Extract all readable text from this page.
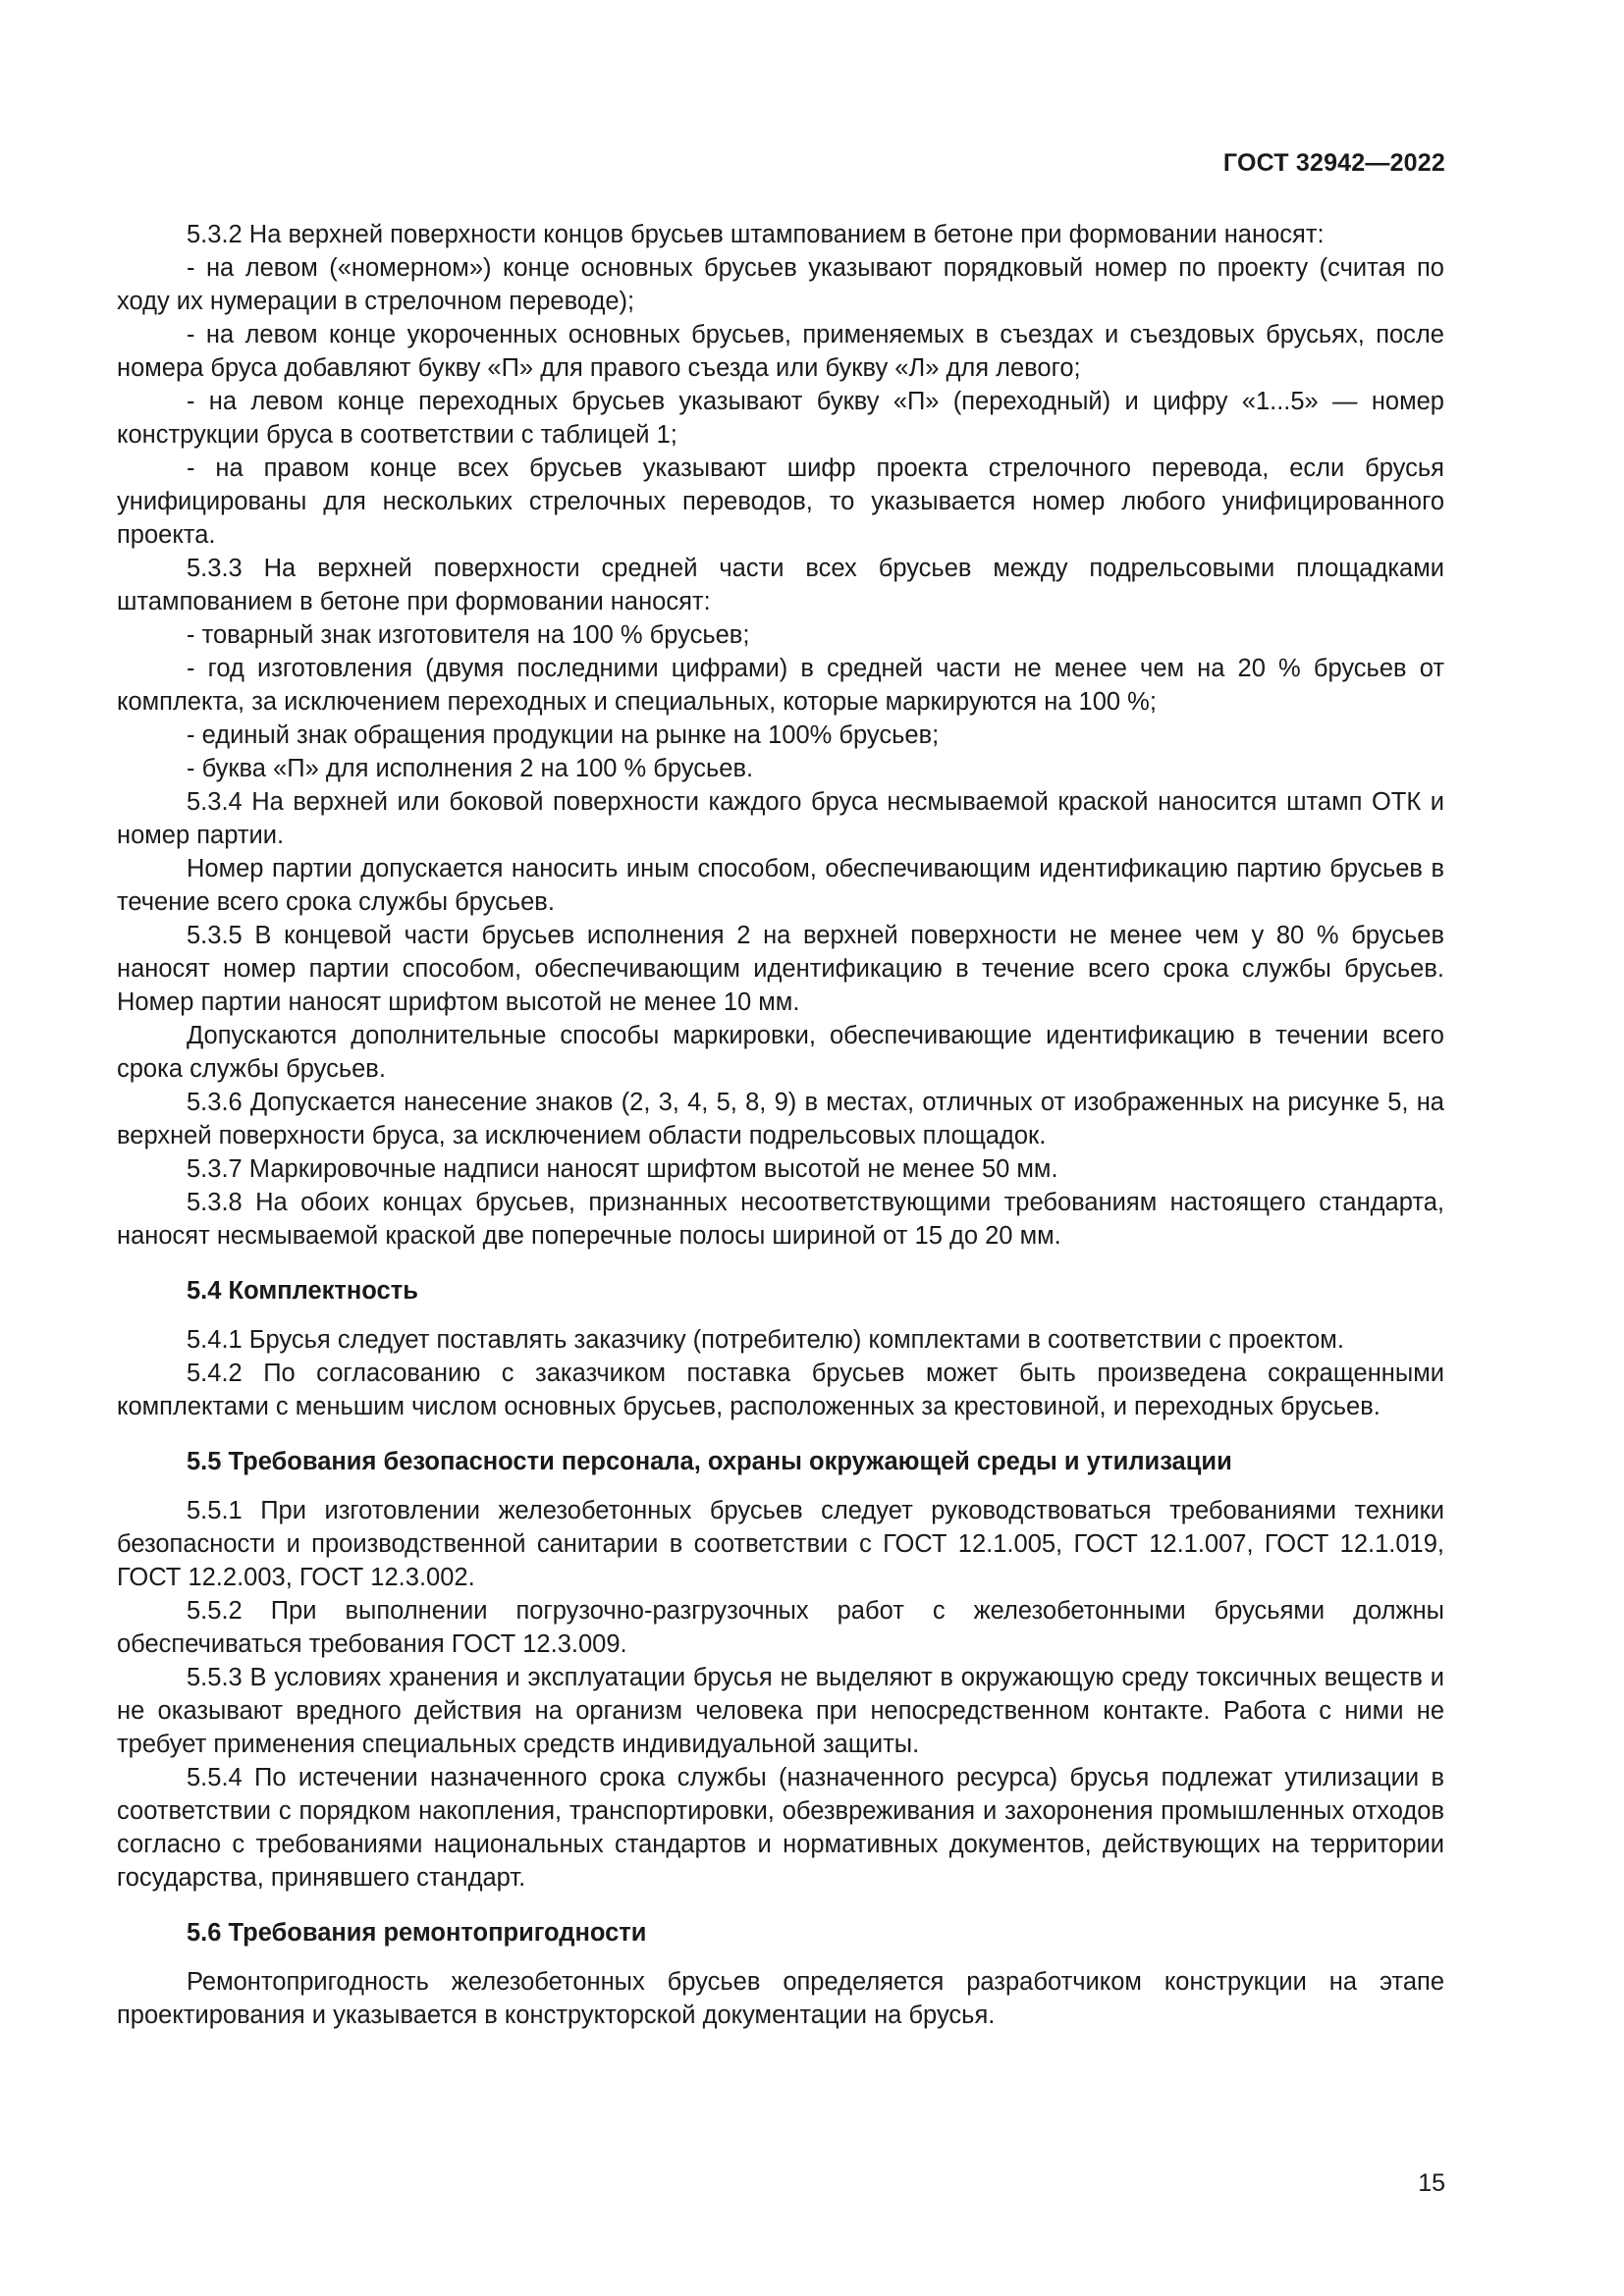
ГОСТ 32942—2022

5.3.2 На верхней поверхности концов брусьев штампованием в бетоне при формовании наносят:

- на левом («номерном») конце основных брусьев указывают порядковый номер по проекту (считая по ходу их нумерации в стрелочном переводе);

- на левом конце укороченных основных брусьев, применяемых в съездах и съездовых брусьях, после номера бруса добавляют букву «П» для правого съезда или букву «Л» для левого;

- на левом конце переходных брусьев указывают букву «П» (переходный) и цифру «1...5» — номер конструкции бруса в соответствии с таблицей 1;

- на правом конце всех брусьев указывают шифр проекта стрелочного перевода, если брусья унифицированы для нескольких стрелочных переводов, то указывается номер любого унифицированного проекта.

5.3.3 На верхней поверхности средней части всех брусьев между подрельсовыми площадками штампованием в бетоне при формовании наносят:

- товарный знак изготовителя на 100 % брусьев;

- год изготовления (двумя последними цифрами) в средней части не менее чем на 20 % брусьев от комплекта, за исключением переходных и специальных, которые маркируются на 100 %;

- единый знак обращения продукции на рынке на 100% брусьев;

- буква «П» для исполнения 2 на 100 % брусьев.

5.3.4 На верхней или боковой поверхности каждого бруса несмываемой краской наносится штамп ОТК и номер партии.

Номер партии допускается наносить иным способом, обеспечивающим идентификацию партию брусьев в течение всего срока службы брусьев.

5.3.5 В концевой части брусьев исполнения 2 на верхней поверхности не менее чем у 80 % брусьев наносят номер партии способом, обеспечивающим идентификацию в течение всего срока службы брусьев. Номер партии наносят шрифтом высотой не менее 10 мм.

Допускаются дополнительные способы маркировки, обеспечивающие идентификацию в течении всего срока службы брусьев.

5.3.6 Допускается нанесение знаков (2, 3, 4, 5, 8, 9) в местах, отличных от изображенных на рисунке 5, на верхней поверхности бруса, за исключением области подрельсовых площадок.

5.3.7 Маркировочные надписи наносят шрифтом высотой не менее 50 мм.

5.3.8 На обоих концах брусьев, признанных несоответствующими требованиям настоящего стандарта, наносят несмываемой краской две поперечные полосы шириной от 15 до 20 мм.

5.4 Комплектность

5.4.1 Брусья следует поставлять заказчику (потребителю) комплектами в соответствии с проектом.

5.4.2 По согласованию с заказчиком поставка брусьев может быть произведена сокращенными комплектами с меньшим числом основных брусьев, расположенных за крестовиной, и переходных брусьев.

5.5 Требования безопасности персонала, охраны окружающей среды и утилизации

5.5.1 При изготовлении железобетонных брусьев следует руководствоваться требованиями техники безопасности и производственной санитарии в соответствии с ГОСТ 12.1.005, ГОСТ 12.1.007, ГОСТ 12.1.019, ГОСТ 12.2.003, ГОСТ 12.3.002.

5.5.2 При выполнении погрузочно-разгрузочных работ с железобетонными брусьями должны обеспечиваться требования ГОСТ 12.3.009.

5.5.3 В условиях хранения и эксплуатации брусья не выделяют в окружающую среду токсичных веществ и не оказывают вредного действия на организм человека при непосредственном контакте. Работа с ними не требует применения специальных средств индивидуальной защиты.

5.5.4 По истечении назначенного срока службы (назначенного ресурса) брусья подлежат утилизации в соответствии с порядком накопления, транспортировки, обезвреживания и захоронения промышленных отходов согласно с требованиями национальных стандартов и нормативных документов, действующих на территории государства, принявшего стандарт.

5.6 Требования ремонтопригодности

Ремонтопригодность железобетонных брусьев определяется разработчиком конструкции на этапе проектирования и указывается в конструкторской документации на брусья.

15
